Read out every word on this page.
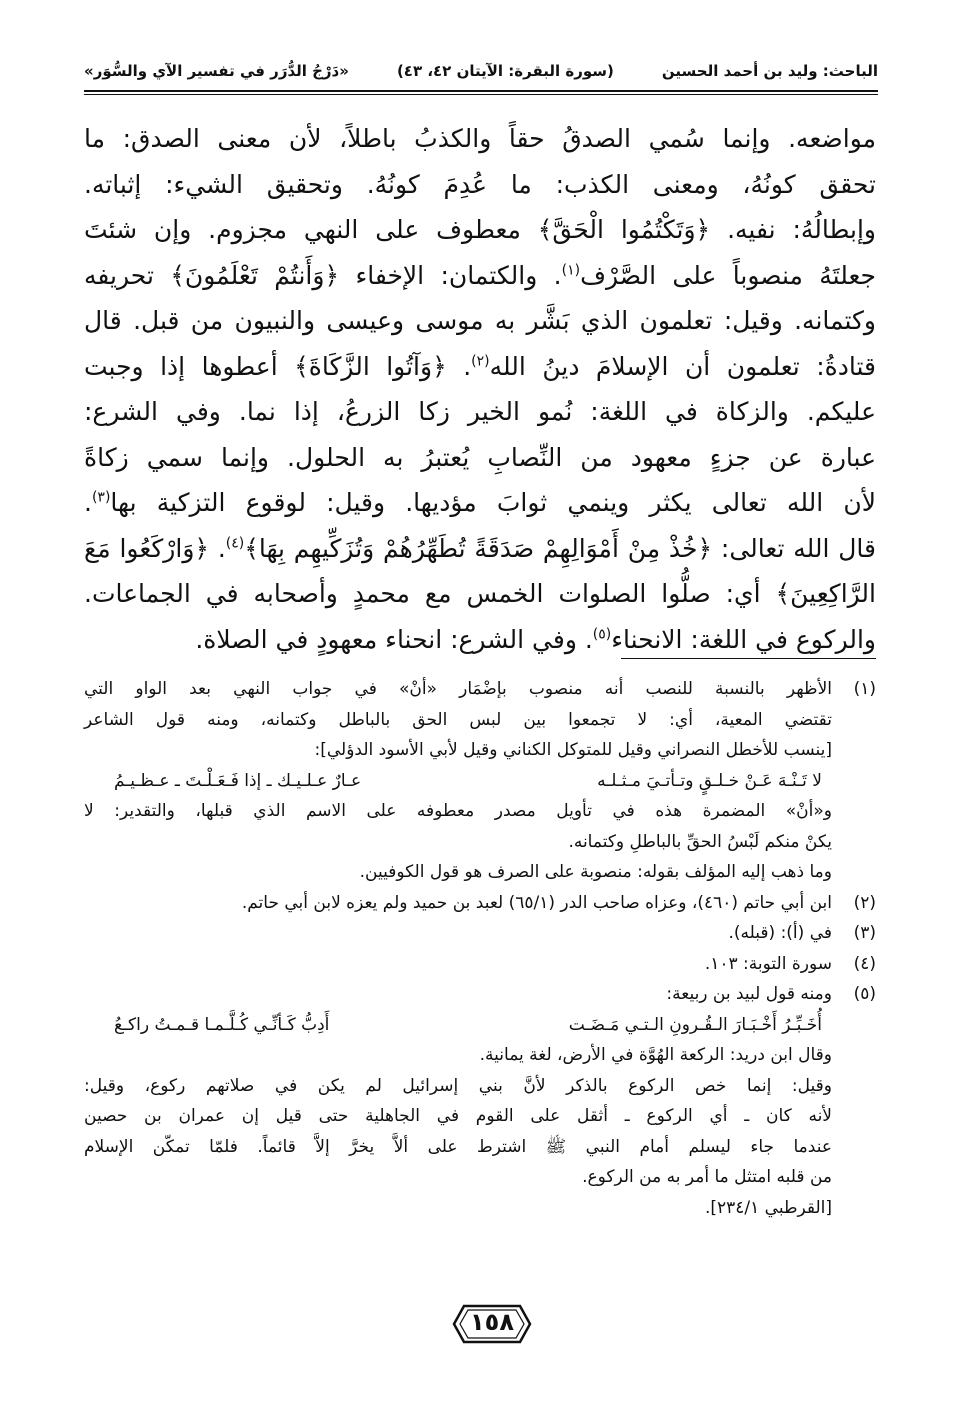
الباحث: وليد بن أحمد الحسين
(سورة البقرة: الآيتان ٤٢، ٤٣)
«دَرْجُ الدُّرَر في تفسير الآي والسُّوَر»

مواضعه. وإنما سُمي الصدقُ حقاً والكذبُ باطلاً، لأن معنى الصدق: ما

تحقق كونُهُ، ومعنى الكذب: ما عُدِمَ كونُهُ. وتحقيق الشيء: إثباته.

وإبطالُهُ: نفيه. ﴿وَتَكْتُمُوا الْحَقَّ﴾ معطوف على النهي مجزوم. وإن شئتَ

جعلتَهُ منصوباً على الصَّرْف$^{(١)}$. والكتمان: الإخفاء ﴿وَأَنتُمْ تَعْلَمُونَ﴾ تحريفه

وكتمانه. وقيل: تعلمون الذي بَشَّر به موسى وعيسى والنبيون من قبل. قال

قتادةُ: تعلمون أن الإسلامَ دينُ الله$^{(٢)}$. ﴿وَآتُوا الزَّكَاةَ﴾ أعطوها إذا وجبت

عليكم. والزكاة في اللغة: نُمو الخير زكا الزرعُ، إذا نما. وفي الشرع:

عبارة عن جزءٍ معهود من النِّصابِ يُعتبرُ به الحلول. وإنما سمي زكاةً

لأن الله تعالى يكثر وينمي ثوابَ مؤديها. وقيل: لوقوع التزكية بها$^{(٣)}$.

قال الله تعالى: ﴿خُذْ مِنْ أَمْوَالِهِمْ صَدَقَةً تُطَهِّرُهُمْ وَتُزَكِّيهِم بِهَا﴾$^{(٤)}$. ﴿وَارْكَعُوا مَعَ

الرَّاكِعِينَ﴾ أي: صلُّوا الصلوات الخمس مع محمدٍ وأصحابه في الجماعات.

والركوع في اللغة: الانحناء$^{(٥)}$. وفي الشرع: انحناء معهودٍ في الصلاة.

(١)
الأظهر بالنسبة للنصب أنه منصوب بإضْمَار «أنْ» في جواب النهي بعد الواو التي
تقتضي المعية، أي: لا تجمعوا بين لبس الحق بالباطل وكتمانه، ومنه قول الشاعر
[ينسب للأخطل النصراني وقيل للمتوكل الكناني وقيل لأبي الأسود الدؤلي]:
لا تَـنْـهَ عَـنْ خـلـقٍ وتـأتـيَ مـثـلـه
عـارٌ عـلـيـك ـ إذا فَـعَـلْـتَ ـ عـظـيـمُ
و«أنْ» المضمرة هذه في تأويل مصدر معطوفه على الاسم الذي قبلها، والتقدير: لا
يكنْ منكم لَبْسُ الحقِّ بالباطلِ وكتمانه.
وما ذهب إليه المؤلف بقوله: منصوبة على الصرف هو قول الكوفيين.
(٢)
ابن أبي حاتم (٤٦٠)، وعزاه صاحب الدر (٦٥/١) لعبد بن حميد ولم يعزه لابن أبي حاتم.
(٣)
في (أ): (قبله).
(٤)
سورة التوبة: ١٠٣.
(٥)
ومنه قول لبيد بن ربيعة:
أُخَـبِّـرُ أَخْـبَـارَ الـقُـرونِ الـتـي مَـضَـت
أَدِبُّ كَـأنِّـي كُـلَّـمـا قـمـتُ راكـعُ
وقال ابن دريد: الركعة الهُوَّة في الأرض، لغة يمانية.
وقيل: إنما خص الركوع بالذكر لأنَّ بني إسرائيل لم يكن في صلاتهم ركوع، وقيل:
لأنه كان ـ أي الركوع ـ أثقل على القوم في الجاهلية حتى قيل إن عمران بن حصين
عندما جاء ليسلم أمام النبي ﷺ اشترط على ألاَّ يخرَّ إلاَّ قائماً. فلمّا تمكّن الإسلام
من قلبه امتثل ما أمر به من الركوع.
[القرطبي ٢٣٤/١].
١٥٨
